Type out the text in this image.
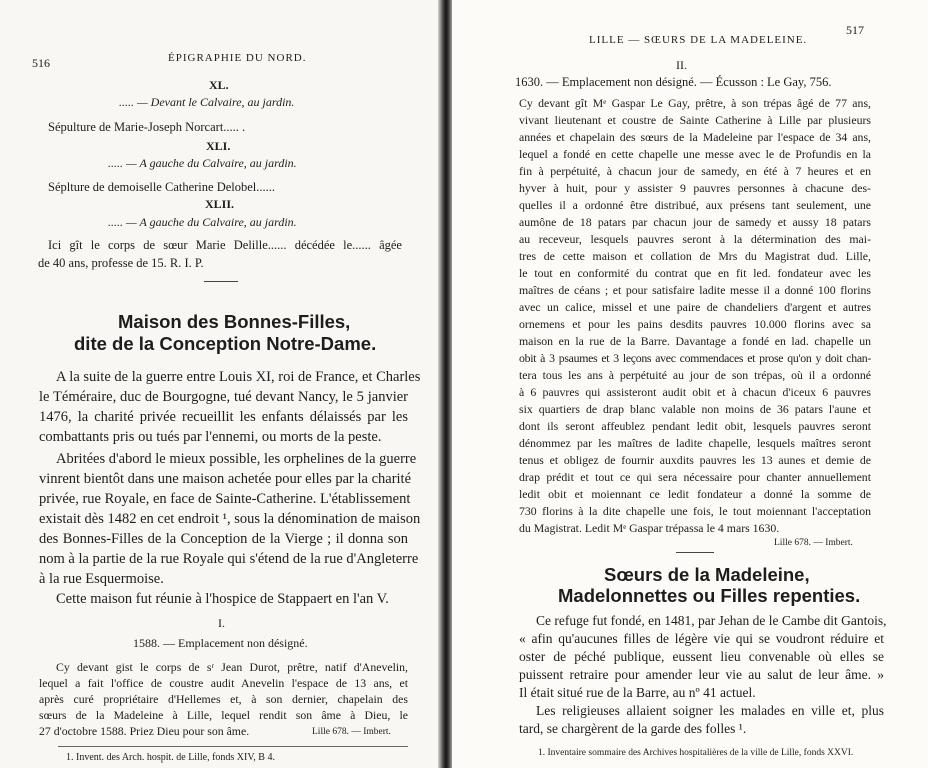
516	ÉPIGRAPHIE DU NORD.
XL.
..... — Devant le Calvaire, au jardin.
Sépulture de Marie-Joseph Norcart..... .
XLI.
..... — A gauche du Calvaire, au jardin.
Séplture de demoiselle Catherine Delobel......
XLII.
..... — A gauche du Calvaire, au jardin.
Ici gît le corps de sœur Marie Delille...... décédée le...... âgée
de 40 ans, professe de 15. R. I. P.
Maison des Bonnes-Filles,
dite de la Conception Notre-Dame.
A la suite de la guerre entre Louis XI, roi de France, et Charles
le Téméraire, duc de Bourgogne, tué devant Nancy, le 5 janvier
1476, la charité privée recueillit les enfants délaissés par les
combattants pris ou tués par l'ennemi, ou morts de la peste.
Abritées d'abord le mieux possible, les orphelines de la guerre
vinrent bientôt dans une maison achetée pour elles par la charité
privée, rue Royale, en face de Sainte-Catherine. L'établissement
existait dès 1482 en cet endroit ¹, sous la dénomination de maison
des Bonnes-Filles de la Conception de la Vierge ; il donna son
nom à la partie de la rue Royale qui s'étend de la rue d'Angleterre
à la rue Esquermoise.
Cette maison fut réunie à l'hospice de Stappaert en l'an V.
I.
1588. — Emplacement non désigné.
Cy devant gist le corps de sʳ Jean Durot, prêtre, natif d'Anevelin,
lequel a fait l'office de coustre audit Anevelin l'espace de 13 ans, et
après curé propriétaire d'Hellemes et, à son dernier, chapelain des
sœurs de la Madeleine à Lille, lequel rendit son âme à Dieu, le
27 d'octobre 1588. Priez Dieu pour son âme.	Lille 678. — Imbert.
1. Invent. des Arch. hospit. de Lille, fonds XIV, B 4.
LILLE — SŒURS DE LA MADELEINE.
517
II.
1630. — Emplacement non désigné. — Écusson : Le Gay, 756.
Cy devant gît Mᵉ Gaspar Le Gay, prêtre, à son trépas âgé de 77 ans,
vivant lieutenant et coustre de Sainte Catherine à Lille par plusieurs
années et chapelain des sœurs de la Madeleine par l'espace de 34 ans,
lequel a fondé en cette chapelle une messe avec le de Profundis en la
fin à perpétuité, à chacun jour de samedy, en été à 7 heures et en
hyver à huit, pour y assister 9 pauvres personnes à chacune des-
quelles il a ordonné être distribué, aux présens tant seulement, une
aumône de 18 patars par chacun jour de samedy et aussy 18 patars
au receveur, lesquels pauvres seront à la détermination des mai-
tres de cette maison et collation de Mrs du Magistrat dud. Lille,
le tout en conformité du contrat que en fit led. fondateur avec les
maîtres de céans ; et pour satisfaire ladite messe il a donné 100 florins
avec un calice, missel et une paire de chandeliers d'argent et autres
ornemens et pour les pains desdits pauvres 10.000 florins avec sa
maison en la rue de la Barre. Davantage a fondé en lad. chapelle un
obit à 3 psaumes et 3 leçons avec commendaces et prose qu'on y doit chan-
tera tous les ans à perpétuité au jour de son trépas, où il a ordonné
à 6 pauvres qui assisteront audit obit et à chacun d'iceux 6 pauvres
six quartiers de drap blanc valable non moins de 36 patars l'aune et
dont ils seront affeublez pendant ledit obit, lesquels pauvres seront
dénommez par les maîtres de ladite chapelle, lesquels maîtres seront
tenus et obligez de fournir auxdits pauvres les 13 aunes et demie de
drap prédit et tout ce qui sera nécessaire pour chanter annuellement
ledit obit et moiennant ce ledit fondateur a donné la somme de
730 florins à la dite chapelle une fois, le tout moiennant l'acceptation
du Magistrat. Ledit Mᵉ Gaspar trépassa le 4 mars 1630.
Lille 678. — Imbert.
Sœurs de la Madeleine,
Madelonnettes ou Filles repenties.
Ce refuge fut fondé, en 1481, par Jehan de le Cambe dit Gantois,
« afin qu'aucunes filles de légère vie qui se voudront réduire et
oster de péché publique, eussent lieu convenable où elles se
puissent retraire pour amender leur vie au salut de leur âme. »
Il était situé rue de la Barre, au nº 41 actuel.
Les religieuses allaient soigner les malades en ville et, plus
tard, se chargèrent de la garde des folles ¹.
1. Inventaire sommaire des Archives hospitalières de la ville de Lille, fonds XXVI.
